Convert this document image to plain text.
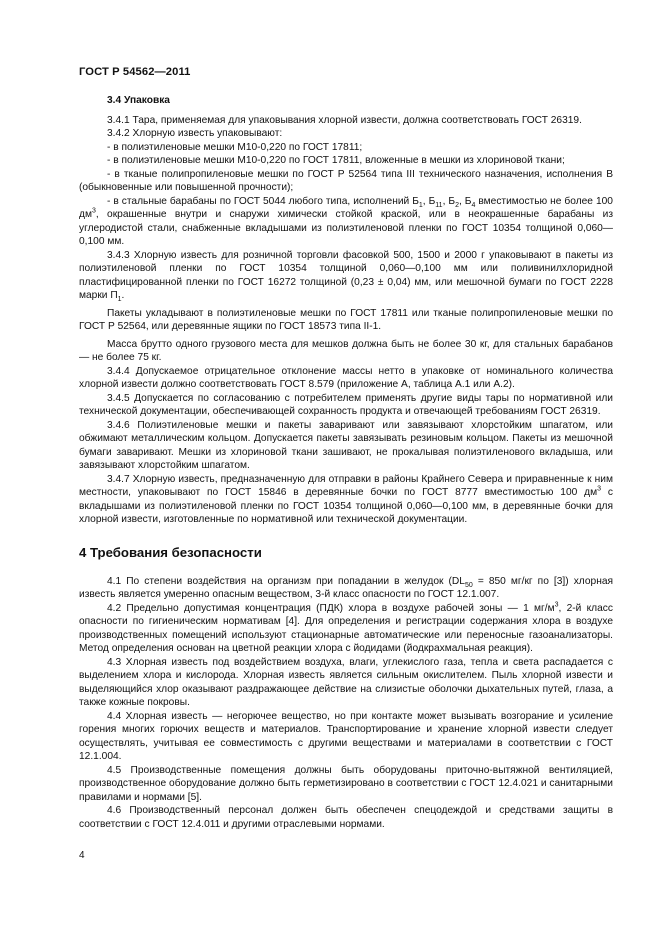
ГОСТ Р 54562—2011

3.4 Упаковка

3.4.1 Тара, применяемая для упаковывания хлорной извести, должна соответствовать ГОСТ 26319.

3.4.2 Хлорную известь упаковывают:

- в полиэтиленовые мешки М10-0,220 по ГОСТ 17811;

- в полиэтиленовые мешки М10-0,220 по ГОСТ 17811, вложенные в мешки из хлориновой ткани;

- в тканые полипропиленовые мешки по ГОСТ Р 52564 типа III технического назначения, исполнения В (обыкновенные или повышенной прочности);

- в стальные барабаны по ГОСТ 5044 любого типа, исполнений $Б_1$, $Б_{11}$, $Б_2$, $Б_4$ вместимостью не более 100 $дм^3$, окрашенные внутри и снаружи химически стойкой краской, или в неокрашенные барабаны из углеродистой стали, снабженные вкладышами из полиэтиленовой пленки по ГОСТ 10354 толщиной 0,060—0,100 мм.

3.4.3 Хлорную известь для розничной торговли фасовкой 500, 1500 и 2000 г упаковывают в пакеты из полиэтиленовой пленки по ГОСТ 10354 толщиной 0,060—0,100 мм или поливинилхлоридной пластифицированной пленки по ГОСТ 16272 толщиной (0,23 ± 0,04) мм, или мешочной бумаги по ГОСТ 2228 марки $П_1$.

Пакеты укладывают в полиэтиленовые мешки по ГОСТ 17811 или тканые полипропиленовые мешки по ГОСТ Р 52564, или деревянные ящики по ГОСТ 18573 типа II-1.

Масса брутто одного грузового места для мешков должна быть не более 30 кг, для стальных барабанов — не более 75 кг.

3.4.4 Допускаемое отрицательное отклонение массы нетто в упаковке от номинального количества хлорной извести должно соответствовать ГОСТ 8.579 (приложение А, таблица А.1 или А.2).

3.4.5 Допускается по согласованию с потребителем применять другие виды тары по нормативной или технической документации, обеспечивающей сохранность продукта и отвечающей требованиям ГОСТ 26319.

3.4.6 Полиэтиленовые мешки и пакеты заваривают или завязывают хлорстойким шпагатом, или обжимают металлическим кольцом. Допускается пакеты завязывать резиновым кольцом. Пакеты из мешочной бумаги заваривают. Мешки из хлориновой ткани зашивают, не прокалывая полиэтиленового вкладыша, или завязывают хлорстойким шпагатом.

3.4.7 Хлорную известь, предназначенную для отправки в районы Крайнего Севера и приравненные к ним местности, упаковывают по ГОСТ 15846 в деревянные бочки по ГОСТ 8777 вместимостью 100 $дм^3$ с вкладышами из полиэтиленовой пленки по ГОСТ 10354 толщиной 0,060—0,100 мм, в деревянные бочки для хлорной извести, изготовленные по нормативной или технической документации.

4 Требования безопасности

4.1 По степени воздействия на организм при попадании в желудок ($DL_{50} = 850$ мг/кг по [3]) хлорная известь является умеренно опасным веществом, 3-й класс опасности по ГОСТ 12.1.007.

4.2 Предельно допустимая концентрация (ПДК) хлора в воздухе рабочей зоны — 1 $мг/м^3$, 2-й класс опасности по гигиеническим нормативам [4]. Для определения и регистрации содержания хлора в воздухе производственных помещений используют стационарные автоматические или переносные газоанализаторы. Метод определения основан на цветной реакции хлора с йодидами (йодкрахмальная реакция).

4.3 Хлорная известь под воздействием воздуха, влаги, углекислого газа, тепла и света распадается с выделением хлора и кислорода. Хлорная известь является сильным окислителем. Пыль хлорной извести и выделяющийся хлор оказывают раздражающее действие на слизистые оболочки дыхательных путей, глаза, а также кожные покровы.

4.4 Хлорная известь — негорючее вещество, но при контакте может вызывать возгорание и усиление горения многих горючих веществ и материалов. Транспортирование и хранение хлорной извести следует осуществлять, учитывая ее совместимость с другими веществами и материалами в соответствии с ГОСТ 12.1.004.

4.5 Производственные помещения должны быть оборудованы приточно-вытяжной вентиляцией, производственное оборудование должно быть герметизировано в соответствии с ГОСТ 12.4.021 и санитарными правилами и нормами [5].

4.6 Производственный персонал должен быть обеспечен спецодеждой и средствами защиты в соответствии с ГОСТ 12.4.011 и другими отраслевыми нормами.

4
